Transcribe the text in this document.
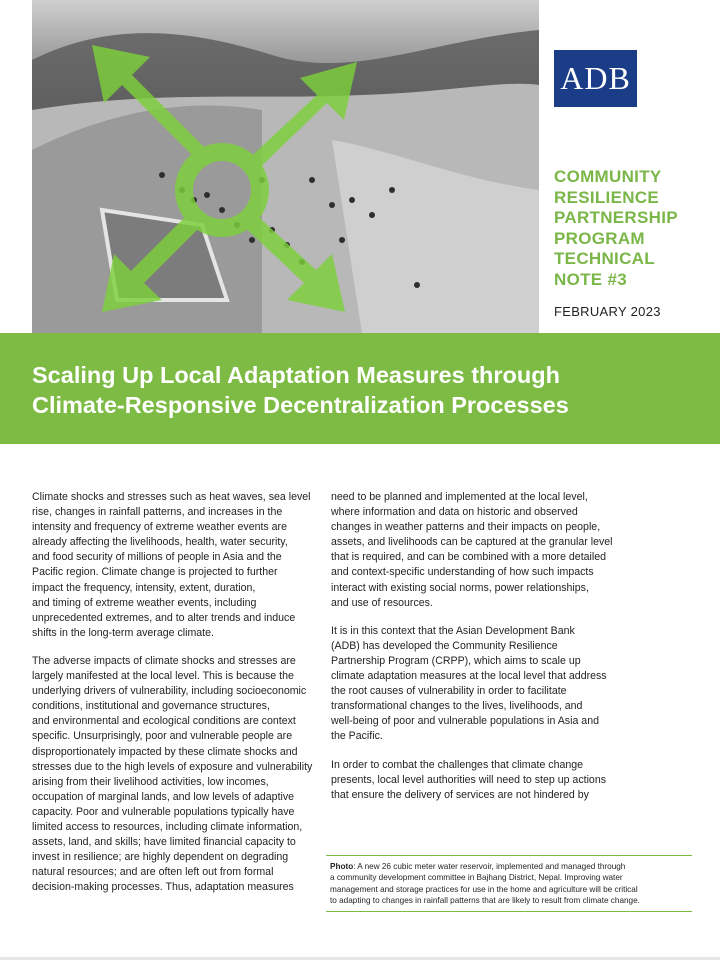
ADB
COMMUNITY
RESILIENCE
PARTNERSHIP
PROGRAM
TECHNICAL
NOTE #3
FEBRUARY 2023
Scaling Up Local Adaptation Measures through
Climate-Responsive Decentralization Processes

Climate shocks and stresses such as heat waves, sea level
rise, changes in rainfall patterns, and increases in the
intensity and frequency of extreme weather events are
already affecting the livelihoods, health, water security,
and food security of millions of people in Asia and the
Pacific region. Climate change is projected to further
impact the frequency, intensity, extent, duration,
and timing of extreme weather events, including
unprecedented extremes, and to alter trends and induce
shifts in the long-term average climate.

The adverse impacts of climate shocks and stresses are
largely manifested at the local level. This is because the
underlying drivers of vulnerability, including socioeconomic
conditions, institutional and governance structures,
and environmental and ecological conditions are context
specific. Unsurprisingly, poor and vulnerable people are
disproportionately impacted by these climate shocks and
stresses due to the high levels of exposure and vulnerability
arising from their livelihood activities, low incomes,
occupation of marginal lands, and low levels of adaptive
capacity. Poor and vulnerable populations typically have
limited access to resources, including climate information,
assets, land, and skills; have limited financial capacity to
invest in resilience; are highly dependent on degrading
natural resources; and are often left out from formal
decision-making processes. Thus, adaptation measures

need to be planned and implemented at the local level,
where information and data on historic and observed
changes in weather patterns and their impacts on people,
assets, and livelihoods can be captured at the granular level
that is required, and can be combined with a more detailed
and context-specific understanding of how such impacts
interact with existing social norms, power relationships,
and use of resources.

It is in this context that the Asian Development Bank
(ADB) has developed the Community Resilience
Partnership Program (CRPP), which aims to scale up
climate adaptation measures at the local level that address
the root causes of vulnerability in order to facilitate
transformational changes to the lives, livelihoods, and
well-being of poor and vulnerable populations in Asia and
the Pacific.

In order to combat the challenges that climate change
presents, local level authorities will need to step up actions
that ensure the delivery of services are not hindered by

Photo: A new 26 cubic meter water reservoir, implemented and managed through
a community development committee in Bajhang District, Nepal. Improving water
management and storage practices for use in the home and agriculture will be critical
to adapting to changes in rainfall patterns that are likely to result from climate change.
